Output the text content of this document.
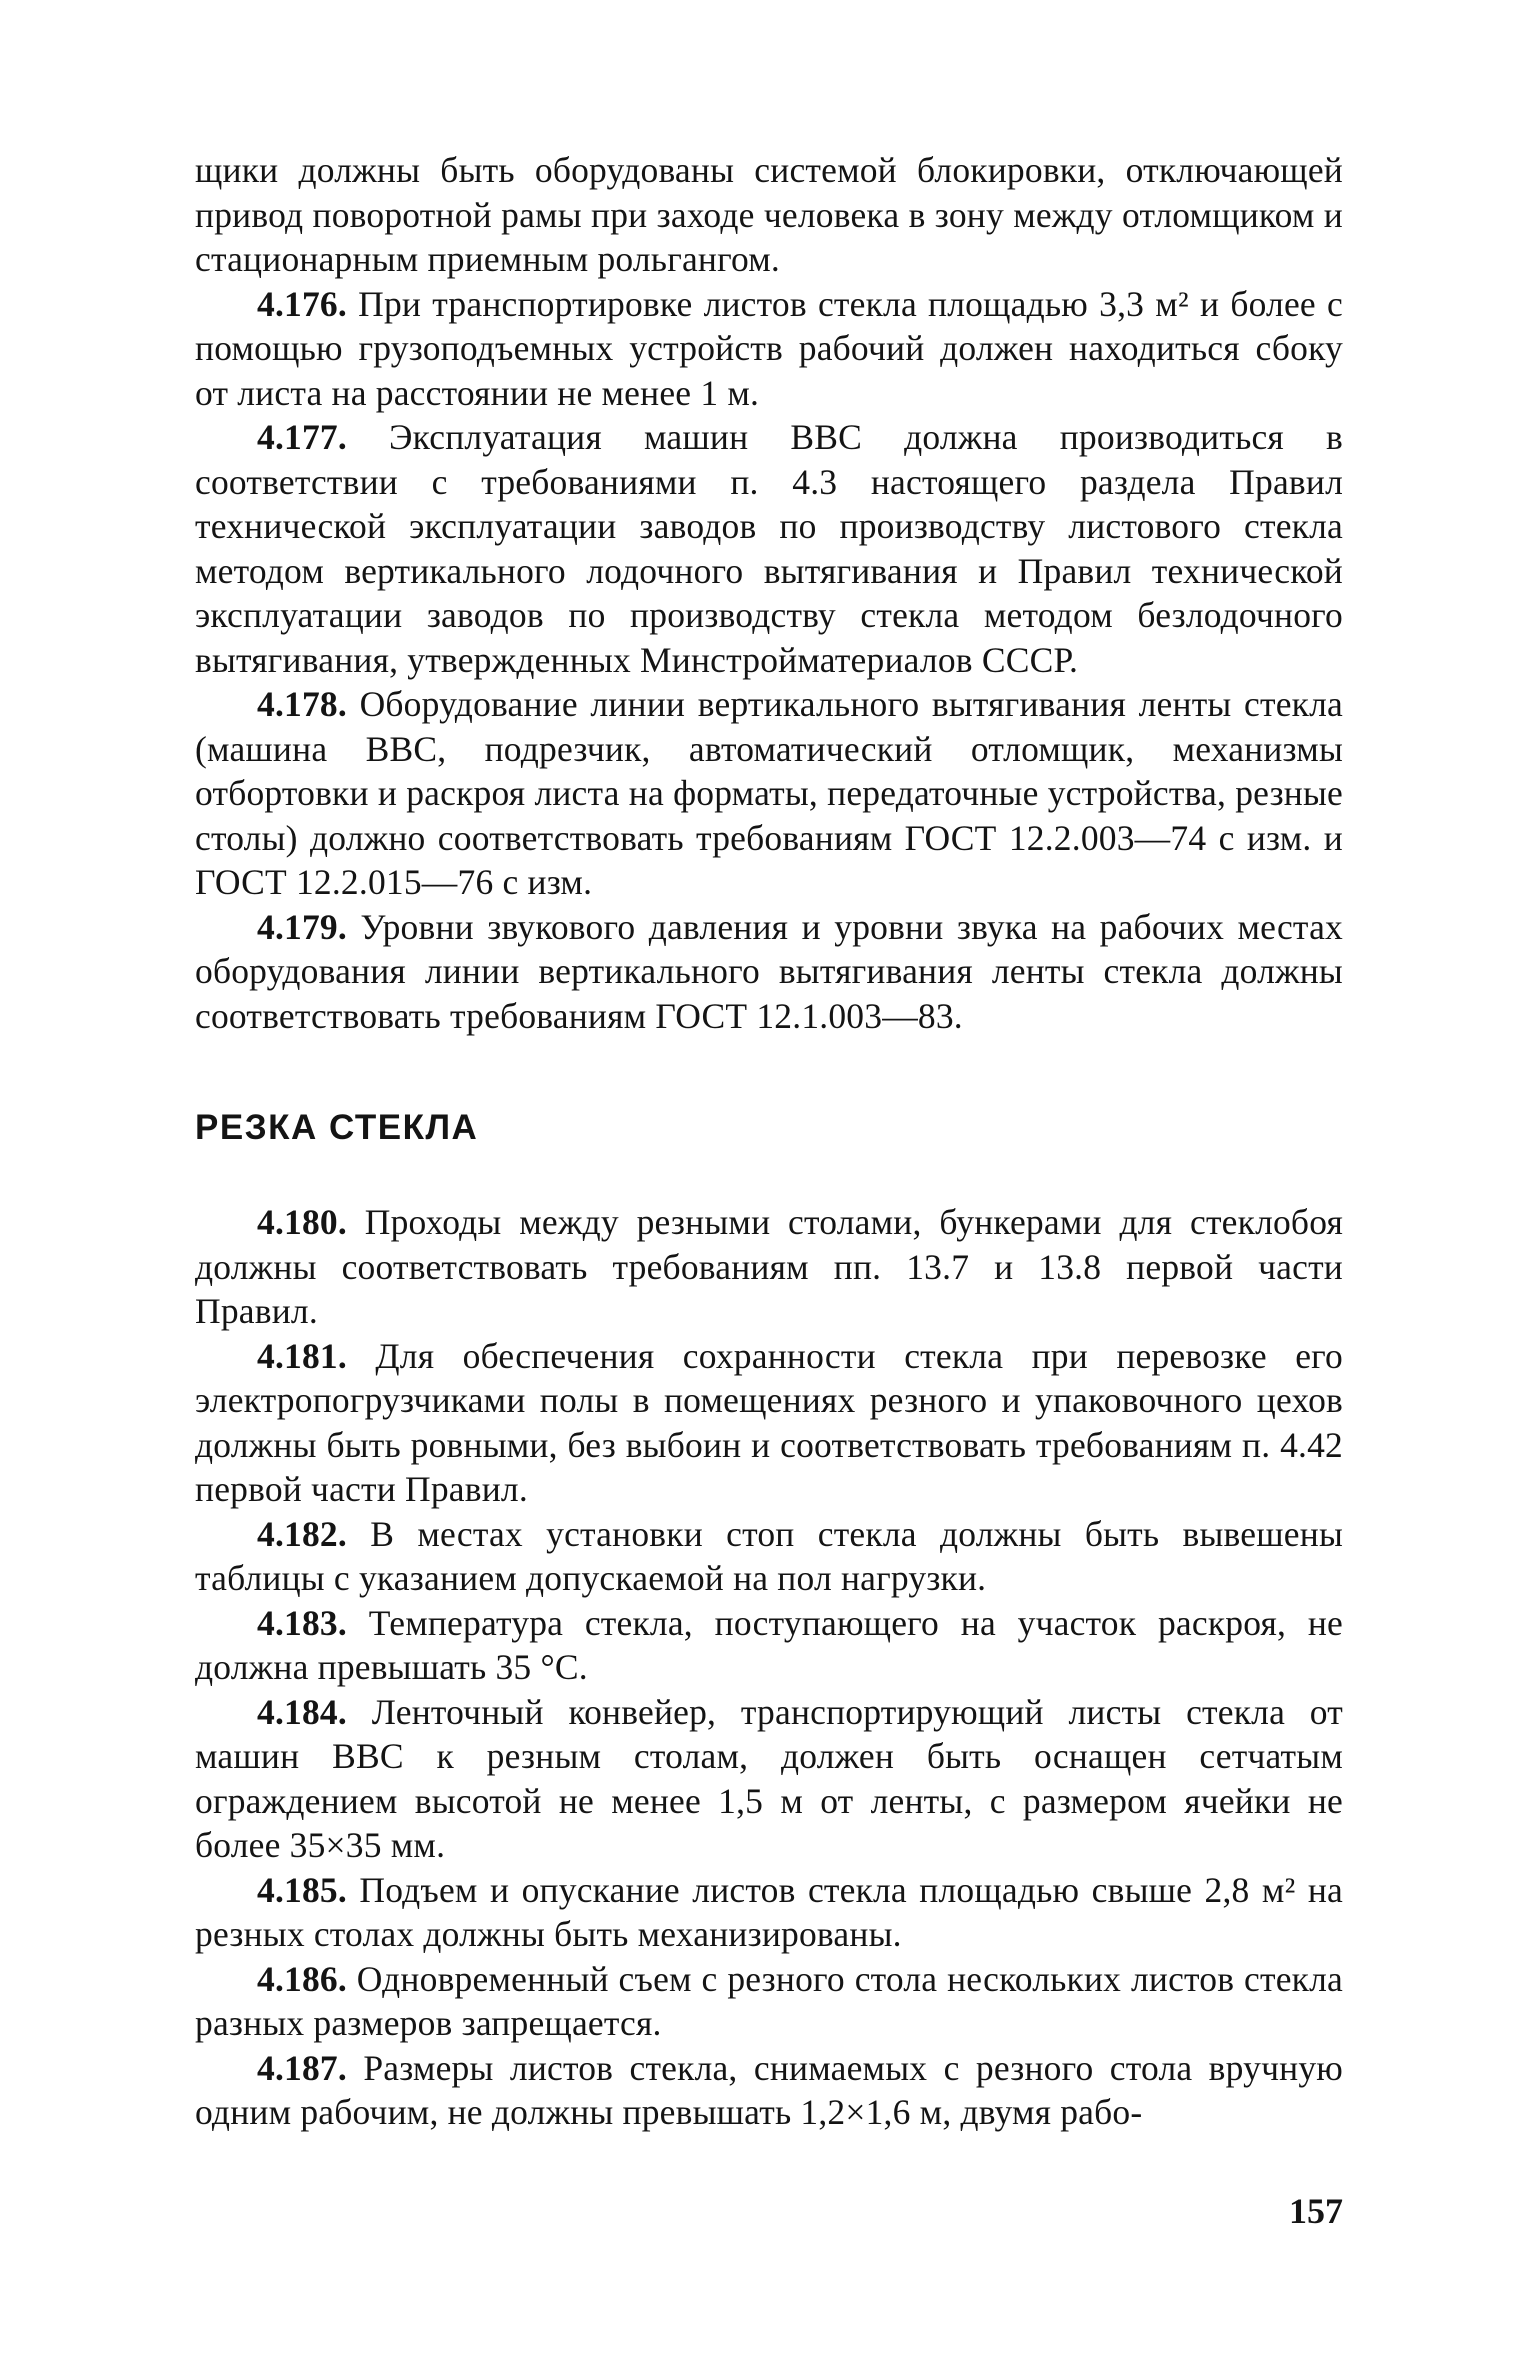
щики должны быть оборудованы системой блокировки, отключающей привод поворотной рамы при заходе человека в зону между отломщиком и стационарным приемным рольгангом.

4.176. При транспортировке листов стекла площадью 3,3 м² и более с помощью грузоподъемных устройств рабочий должен находиться сбоку от листа на расстоянии не менее 1 м.

4.177. Эксплуатация машин ВВС должна производиться в соответствии с требованиями п. 4.3 настоящего раздела Правил технической эксплуатации заводов по производству листового стекла методом вертикального лодочного вытягивания и Правил технической эксплуатации заводов по производству стекла методом безлодочного вытягивания, утвержденных Минстройматериалов СССР.

4.178. Оборудование линии вертикального вытягивания ленты стекла (машина ВВС, подрезчик, автоматический отломщик, механизмы отбортовки и раскроя листа на форматы, передаточные устройства, резные столы) должно соответствовать требованиям ГОСТ 12.2.003—74 с изм. и ГОСТ 12.2.015—76 с изм.

4.179. Уровни звукового давления и уровни звука на рабочих местах оборудования линии вертикального вытягивания ленты стекла должны соответствовать требованиям ГОСТ 12.1.003—83.

РЕЗКА СТЕКЛА

4.180. Проходы между резными столами, бункерами для стеклобоя должны соответствовать требованиям пп. 13.7 и 13.8 первой части Правил.

4.181. Для обеспечения сохранности стекла при перевозке его электропогрузчиками полы в помещениях резного и упаковочного цехов должны быть ровными, без выбоин и соответствовать требованиям п. 4.42 первой части Правил.

4.182. В местах установки стоп стекла должны быть вывешены таблицы с указанием допускаемой на пол нагрузки.

4.183. Температура стекла, поступающего на участок раскроя, не должна превышать 35 °С.

4.184. Ленточный конвейер, транспортирующий листы стекла от машин ВВС к резным столам, должен быть оснащен сетчатым ограждением высотой не менее 1,5 м от ленты, с размером ячейки не более 35×35 мм.

4.185. Подъем и опускание листов стекла площадью свыше 2,8 м² на резных столах должны быть механизированы.

4.186. Одновременный съем с резного стола нескольких листов стекла разных размеров запрещается.

4.187. Размеры листов стекла, снимаемых с резного стола вручную одним рабочим, не должны превышать 1,2×1,6 м, двумя рабо-

157
